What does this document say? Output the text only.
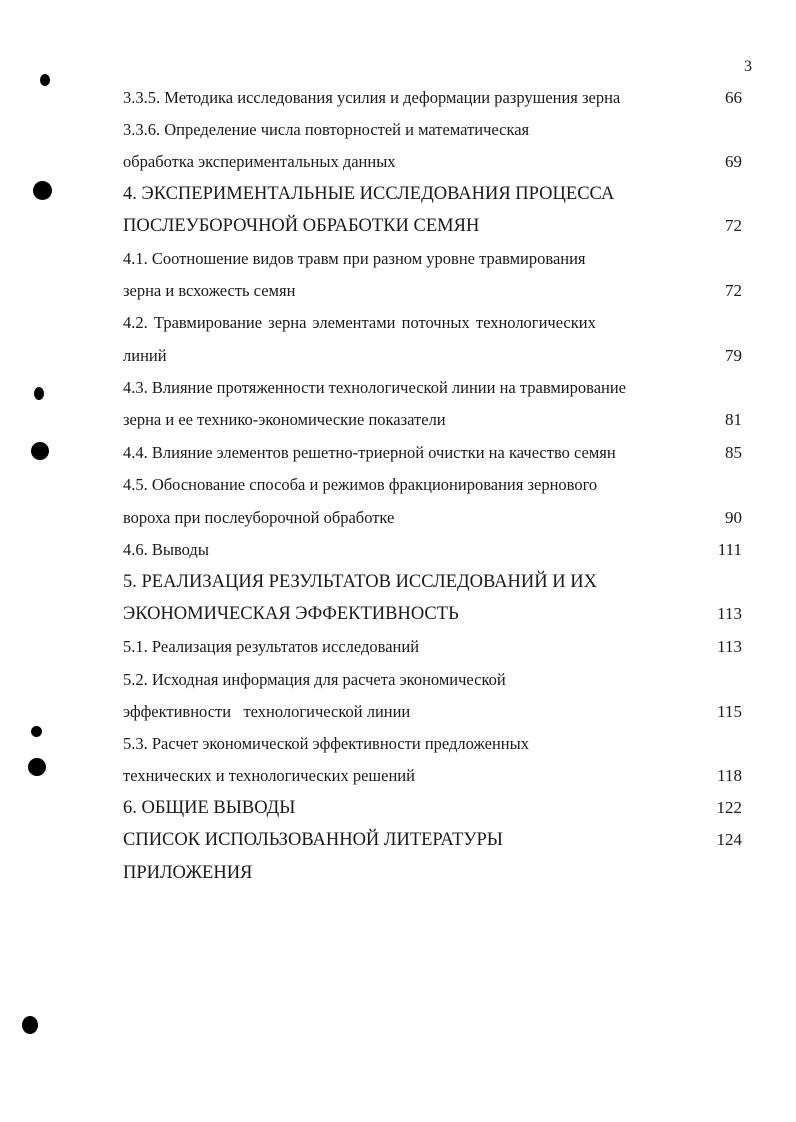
3
3.3.5. Методика исследования усилия и деформации разрушения зерна	66
3.3.6. Определение числа повторностей и математическая
обработка экспериментальных данных	69
4. ЭКСПЕРИМЕНТАЛЬНЫЕ ИССЛЕДОВАНИЯ ПРОЦЕССА
ПОСЛЕУБОРОЧНОЙ ОБРАБОТКИ СЕМЯН	72
4.1. Соотношение видов травм при разном уровне травмирования
зерна и всхожесть семян	72
4.2. Травмирование зерна элементами поточных технологических
линий	79
4.3. Влияние протяженности технологической линии на травмирование
зерна и ее технико-экономические показатели	81
4.4. Влияние элементов решетно-триерной очистки на качество семян	85
4.5. Обоснование способа и режимов фракционирования зернового
вороха при послеуборочной обработке	90
4.6. Выводы	111
5. РЕАЛИЗАЦИЯ РЕЗУЛЬТАТОВ ИССЛЕДОВАНИЙ И ИХ
ЭКОНОМИЧЕСКАЯ ЭФФЕКТИВНОСТЬ	113
5.1. Реализация результатов исследований	113
5.2. Исходная информация для расчета экономической
эффективности   технологической линии	115
5.3. Расчет экономической эффективности предложенных
технических и технологических решений	118
6. ОБЩИЕ ВЫВОДЫ	122
СПИСОК ИСПОЛЬЗОВАННОЙ ЛИТЕРАТУРЫ	124
ПРИЛОЖЕНИЯ
